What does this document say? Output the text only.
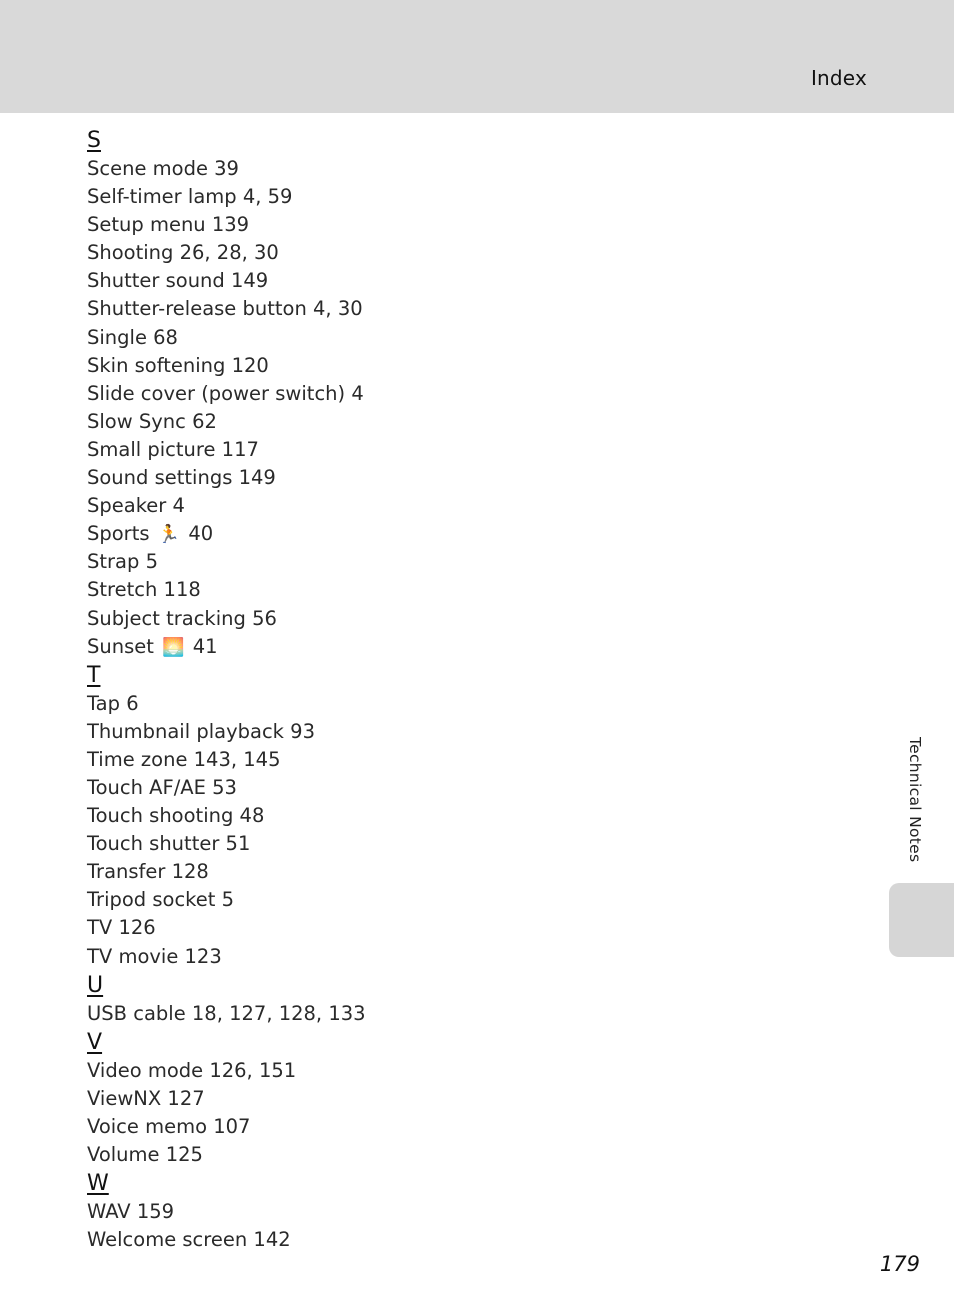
Index
S
Scene mode 39
Self-timer lamp 4, 59
Setup menu 139
Shooting 26, 28, 30
Shutter sound 149
Shutter-release button 4, 30
Single 68
Skin softening 120
Slide cover (power switch) 4
Slow Sync 62
Small picture 117
Sound settings 149
Speaker 4
Sports 🏃 40
Strap 5
Stretch 118
Subject tracking 56
Sunset 🌅 41
T
Tap 6
Thumbnail playback 93
Time zone 143, 145
Touch AF/AE 53
Touch shooting 48
Touch shutter 51
Transfer 128
Tripod socket 5
TV 126
TV movie 123
U
USB cable 18, 127, 128, 133
V
Video mode 126, 151
ViewNX 127
Voice memo 107
Volume 125
W
WAV 159
Welcome screen 142
Technical Notes
179
